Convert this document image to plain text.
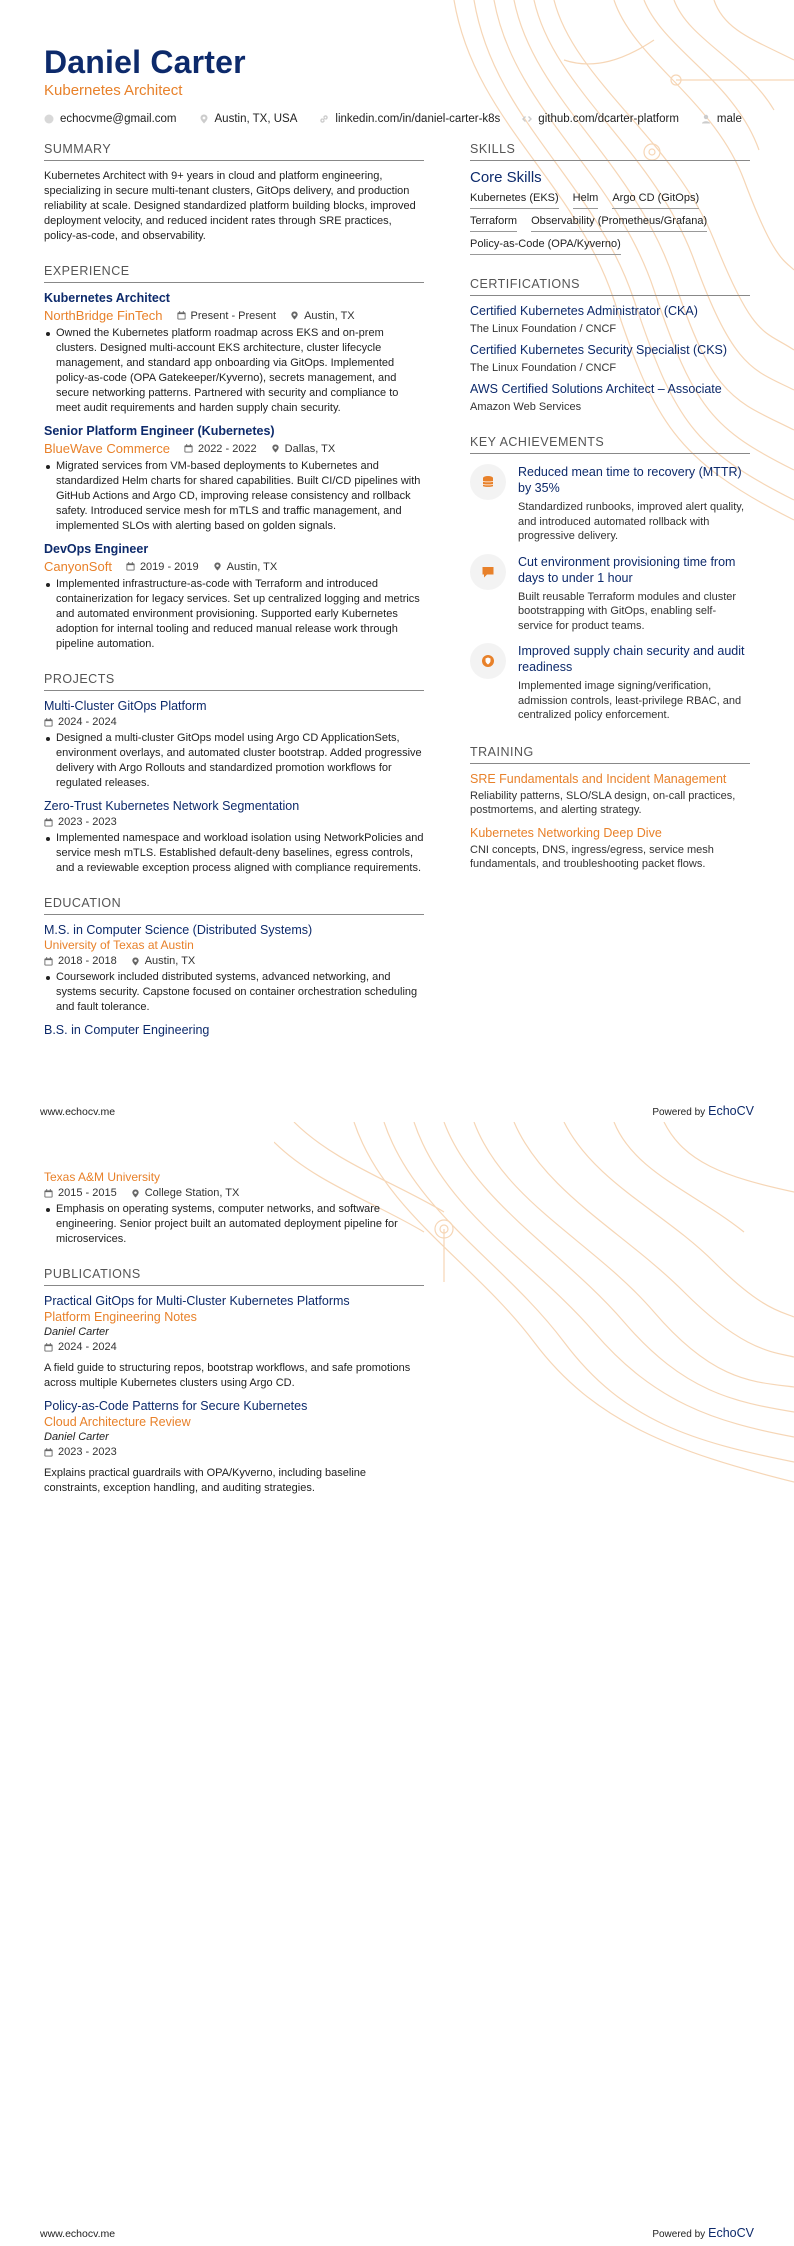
Daniel Carter
Kubernetes Architect
echocvme@gmail.com	Austin, TX, USA	linkedin.com/in/daniel-carter-k8s	github.com/dcarter-platform	male
SUMMARY
Kubernetes Architect with 9+ years in cloud and platform engineering, specializing in secure multi-tenant clusters, GitOps delivery, and production reliability at scale. Designed standardized platform building blocks, improved deployment velocity, and reduced incident rates through SRE practices, policy-as-code, and observability.
EXPERIENCE
Kubernetes Architect
NorthBridge FinTech	Present - Present	Austin, TX
Owned the Kubernetes platform roadmap across EKS and on-prem clusters. Designed multi-account EKS architecture, cluster lifecycle management, and standard app onboarding via GitOps. Implemented policy-as-code (OPA Gatekeeper/Kyverno), secrets management, and secure networking patterns. Partnered with security and compliance to meet audit requirements and harden supply chain security.
Senior Platform Engineer (Kubernetes)
BlueWave Commerce	2022 - 2022	Dallas, TX
Migrated services from VM-based deployments to Kubernetes and standardized Helm charts for shared capabilities. Built CI/CD pipelines with GitHub Actions and Argo CD, improving release consistency and rollback safety. Introduced service mesh for mTLS and traffic management, and implemented SLOs with alerting based on golden signals.
DevOps Engineer
CanyonSoft	2019 - 2019	Austin, TX
Implemented infrastructure-as-code with Terraform and introduced containerization for legacy services. Set up centralized logging and metrics and automated environment provisioning. Supported early Kubernetes adoption for internal tooling and reduced manual release work through pipeline automation.
PROJECTS
Multi-Cluster GitOps Platform
2024 - 2024
Designed a multi-cluster GitOps model using Argo CD ApplicationSets, environment overlays, and automated cluster bootstrap. Added progressive delivery with Argo Rollouts and standardized promotion workflows for regulated releases.
Zero-Trust Kubernetes Network Segmentation
2023 - 2023
Implemented namespace and workload isolation using NetworkPolicies and service mesh mTLS. Established default-deny baselines, egress controls, and a reviewable exception process aligned with compliance requirements.
EDUCATION
M.S. in Computer Science (Distributed Systems)
University of Texas at Austin
2018 - 2018	Austin, TX
Coursework included distributed systems, advanced networking, and systems security. Capstone focused on container orchestration scheduling and fault tolerance.
B.S. in Computer Engineering
SKILLS
Core Skills
Kubernetes (EKS) Helm Argo CD (GitOps)
Terraform Observability (Prometheus/Grafana)
Policy-as-Code (OPA/Kyverno)
CERTIFICATIONS
Certified Kubernetes Administrator (CKA)
The Linux Foundation / CNCF
Certified Kubernetes Security Specialist (CKS)
The Linux Foundation / CNCF
AWS Certified Solutions Architect – Associate
Amazon Web Services
KEY ACHIEVEMENTS
Reduced mean time to recovery (MTTR) by 35%
Standardized runbooks, improved alert quality, and introduced automated rollback with progressive delivery.
Cut environment provisioning time from days to under 1 hour
Built reusable Terraform modules and cluster bootstrapping with GitOps, enabling self-service for product teams.
Improved supply chain security and audit readiness
Implemented image signing/verification, admission controls, least-privilege RBAC, and centralized policy enforcement.
TRAINING
SRE Fundamentals and Incident Management
Reliability patterns, SLO/SLA design, on-call practices, postmortems, and alerting strategy.
Kubernetes Networking Deep Dive
CNI concepts, DNS, ingress/egress, service mesh fundamentals, and troubleshooting packet flows.
www.echocv.me	Powered by EchoCV
Texas A&M University
2015 - 2015	College Station, TX
Emphasis on operating systems, computer networks, and software engineering. Senior project built an automated deployment pipeline for microservices.
PUBLICATIONS
Practical GitOps for Multi-Cluster Kubernetes Platforms
Platform Engineering Notes
Daniel Carter
2024 - 2024
A field guide to structuring repos, bootstrap workflows, and safe promotions across multiple Kubernetes clusters using Argo CD.
Policy-as-Code Patterns for Secure Kubernetes
Cloud Architecture Review
Daniel Carter
2023 - 2023
Explains practical guardrails with OPA/Kyverno, including baseline constraints, exception handling, and auditing strategies.
www.echocv.me	Powered by EchoCV
